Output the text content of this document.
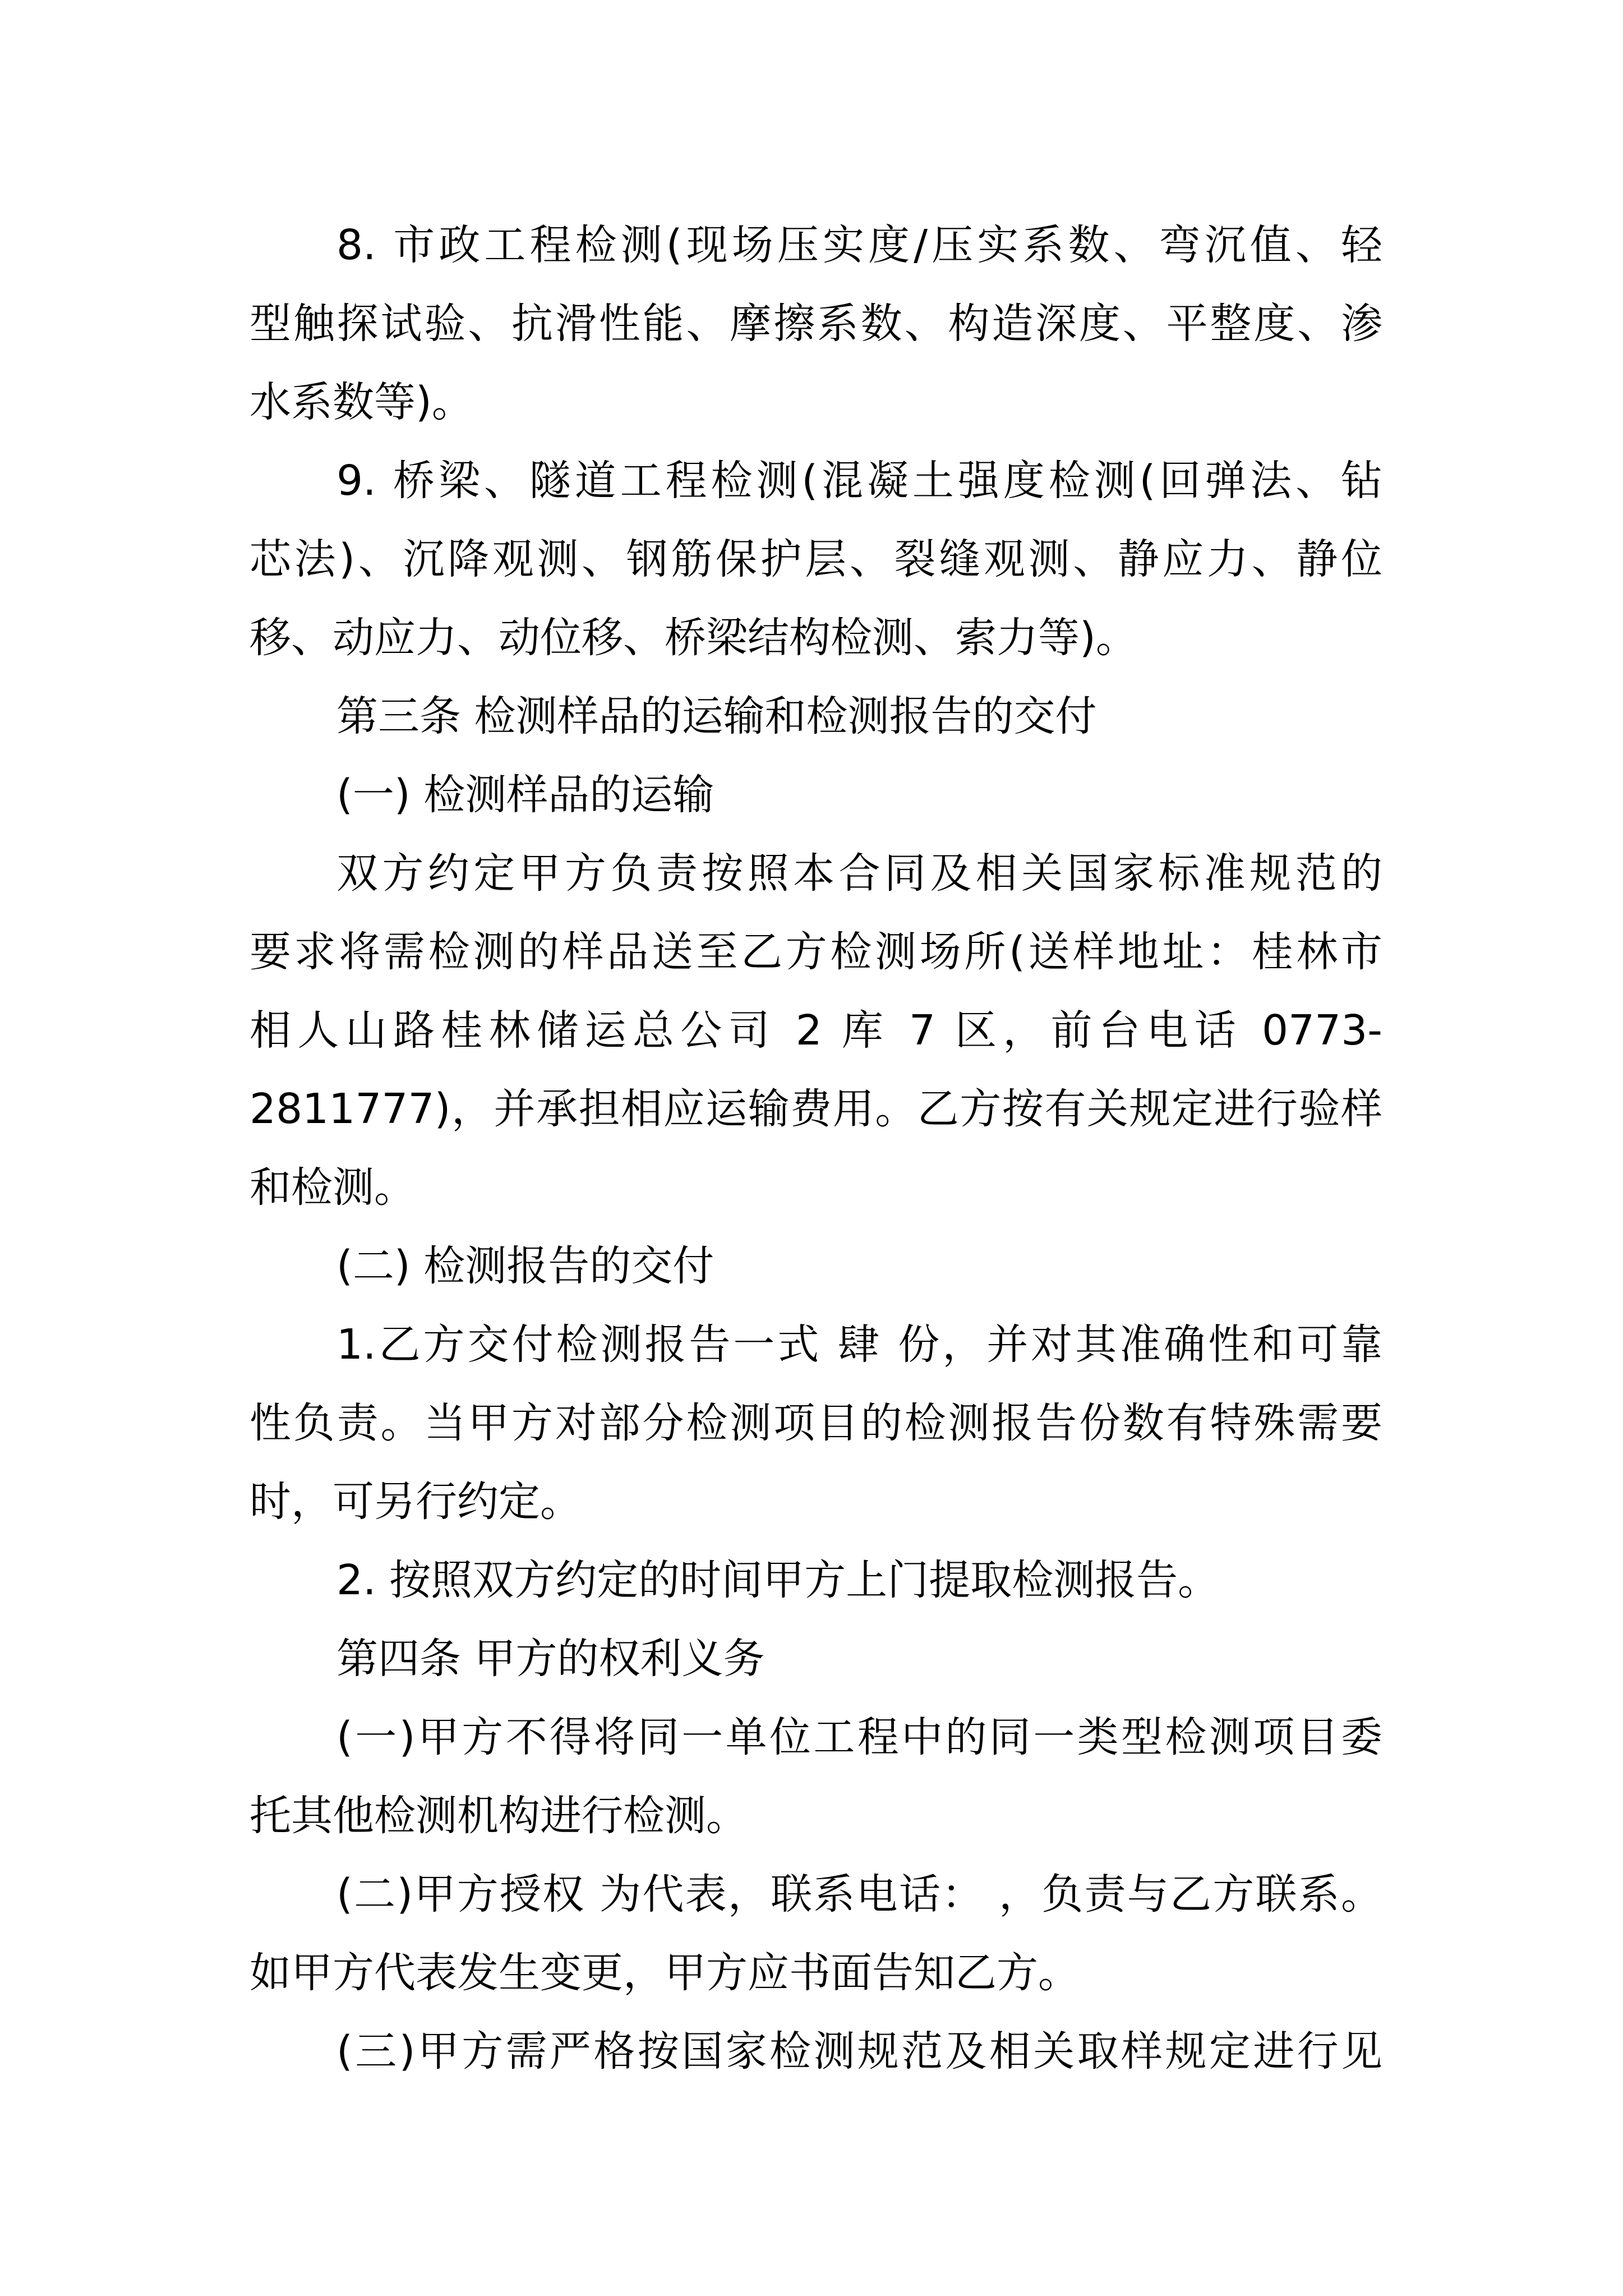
8. 市政工程检测(现场压实度/压实系数、弯沉值、轻
型触探试验、抗滑性能、摩擦系数、构造深度、平整度、渗
水系数等)。
9. 桥梁、隧道工程检测(混凝土强度检测(回弹法、钻
芯法)、沉降观测、钢筋保护层、裂缝观测、静应力、静位
移、动应力、动位移、桥梁结构检测、索力等)。
第三条 检测样品的运输和检测报告的交付
(一) 检测样品的运输
双方约定甲方负责按照本合同及相关国家标准规范的
要求将需检测的样品送至乙方检测场所(送样地址：桂林市
相人山路桂林储运总公司 2 库 7 区，前台电话 0773-
2811777)，并承担相应运输费用。乙方按有关规定进行验样
和检测。
(二) 检测报告的交付
1.乙方交付检测报告一式 肆 份，并对其准确性和可靠
性负责。当甲方对部分检测项目的检测报告份数有特殊需要
时，可另行约定。
2. 按照双方约定的时间甲方上门提取检测报告。
第四条 甲方的权利义务
(一)甲方不得将同一单位工程中的同一类型检测项目委
托其他检测机构进行检测。
(二)甲方授权 为代表，联系电话： ，负责与乙方联系。
如甲方代表发生变更，甲方应书面告知乙方。
(三)甲方需严格按国家检测规范及相关取样规定进行见
